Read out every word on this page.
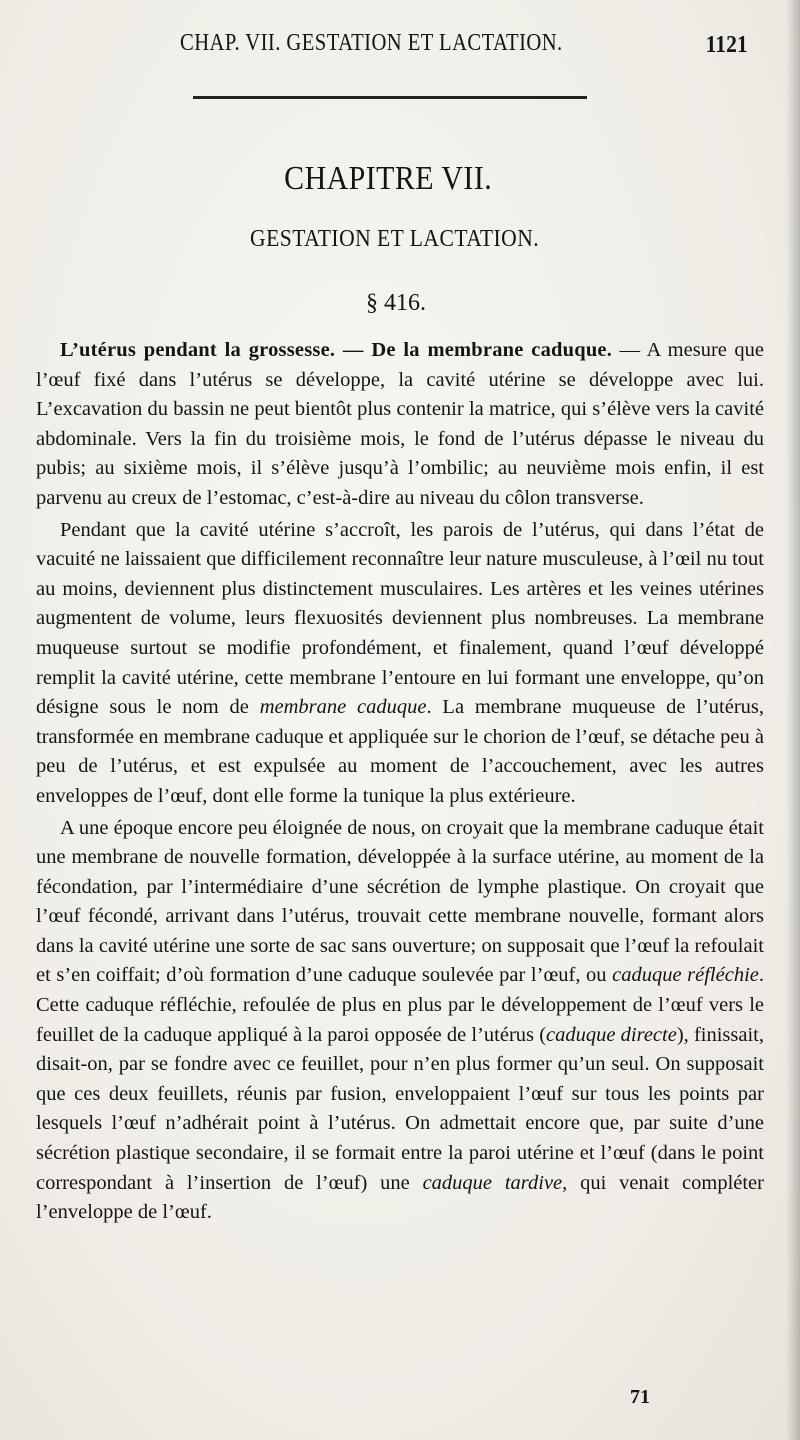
CHAP. VII. GESTATION ET LACTATION.	1121
CHAPITRE VII.
GESTATION ET LACTATION.
§ 416.

L’utérus pendant la grossesse. — De la membrane caduque. — A mesure que l’œuf fixé dans l’utérus se développe, la cavité utérine se développe avec lui. L’excavation du bassin ne peut bientôt plus contenir la matrice, qui s’élève vers la cavité abdominale. Vers la fin du troisième mois, le fond de l’utérus dépasse le niveau du pubis; au sixième mois, il s’élève jusqu’à l’ombilic; au neuvième mois enfin, il est parvenu au creux de l’estomac, c’est-à-dire au niveau du côlon transverse.

Pendant que la cavité utérine s’accroît, les parois de l’utérus, qui dans l’état de vacuité ne laissaient que difficilement reconnaître leur nature musculeuse, à l’œil nu tout au moins, deviennent plus distinctement musculaires. Les artères et les veines utérines augmentent de volume, leurs flexuosités deviennent plus nombreuses. La membrane muqueuse surtout se modifie profondément, et finalement, quand l’œuf développé remplit la cavité utérine, cette membrane l’entoure en lui formant une enveloppe, qu’on désigne sous le nom de membrane caduque. La membrane muqueuse de l’utérus, transformée en membrane caduque et appliquée sur le chorion de l’œuf, se détache peu à peu de l’utérus, et est expulsée au moment de l’accouchement, avec les autres enveloppes de l’œuf, dont elle forme la tunique la plus extérieure.

A une époque encore peu éloignée de nous, on croyait que la membrane caduque était une membrane de nouvelle formation, développée à la surface utérine, au moment de la fécondation, par l’intermédiaire d’une sécrétion de lymphe plastique. On croyait que l’œuf fécondé, arrivant dans l’utérus, trouvait cette membrane nouvelle, formant alors dans la cavité utérine une sorte de sac sans ouverture; on supposait que l’œuf la refoulait et s’en coiffait; d’où formation d’une caduque soulevée par l’œuf, ou caduque réfléchie. Cette caduque réfléchie, refoulée de plus en plus par le développement de l’œuf vers le feuillet de la caduque appliqué à la paroi opposée de l’utérus (caduque directe), finissait, disait-on, par se fondre avec ce feuillet, pour n’en plus former qu’un seul. On supposait que ces deux feuillets, réunis par fusion, enveloppaient l’œuf sur tous les points par lesquels l’œuf n’adhérait point à l’utérus. On admettait encore que, par suite d’une sécrétion plastique secondaire, il se formait entre la paroi utérine et l’œuf (dans le point correspondant à l’insertion de l’œuf) une caduque tardive, qui venait compléter l’enveloppe de l’œuf.

71
